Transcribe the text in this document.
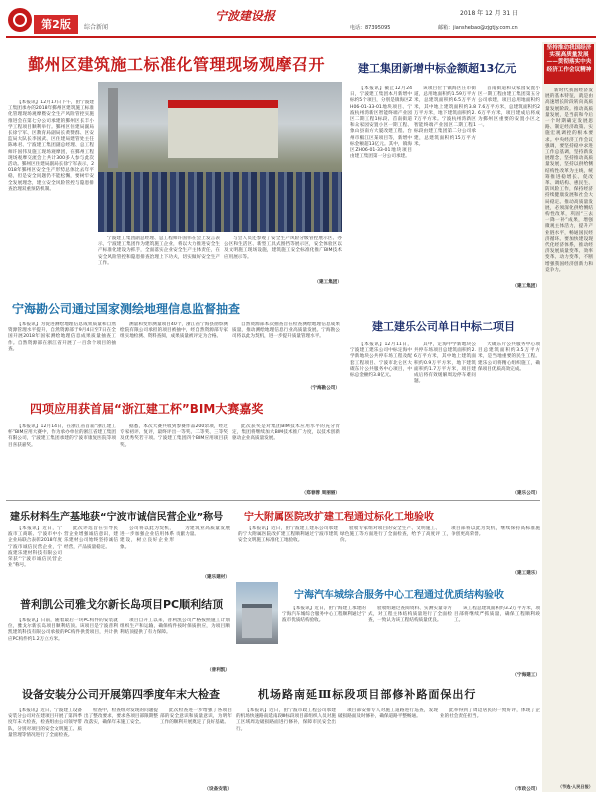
第2版	综合新闻
宁波建设报	2018 年 12 月 31 日
电话：87395095	邮箱：jianshebao@zjgtjy.com.cn
坚持推动我国经济实现高质量发展——贯彻落实中央经济工作会议精神

新时代我国经济发展的基本特征，就是由高速增长阶段转向高质量发展阶段。推动高质量发展，是当前和今后一个时期确定发展思路、制定经济政策、实施宏观调控的根本要求。中央经济工作会议强调，要坚持稳中求进工作总基调，坚持新发展理念，坚持推动高质量发展，坚持以供给侧结构性改革为主线，统筹推进稳增长、促改革、调结构、惠民生、防风险工作，保持经济持续健康发展和社会大局稳定。推动高质量发展，必须深化供给侧结构性改革，巩固“三去一降一补”成果，增强微观主体活力，提升产业链水平，畅通国民经济循环。要加快建设现代化经济体系，推动经济发展质量变革、效率变革、动力变革，不断增强我国经济创新力和竞争力。

（节选·人民日报）
鄞州区建筑施工标准化管理现场观摩召开

【本报讯】12月17日下午，由宁波建工集团承办的2018年鄞州区建筑施工标准化管理现场观摩暨安全生产风险管控实施推进会在第七分公司承建的鄞州区长丰小学工程项目顺利举行。鄞州区住建局副局长徐宁军、区教育局副局长黄赞群、区安监局大队长李国武、区住建局建管处主任陈咏君、宁波建工集团副总经理、总工程师许国伟及施工现场观摩团，在鄞州工程现场观摩交流会上共计300多人参与此次活动。鄞州区住建局副局长徐宁军表示，2018年鄞州区安全生产形势总体比去年平稳，但是安全问题仍不能松懈，要树牢安全发展理念，建立安全风险管控与隐患排查治理双重预防机制。

宁波建工集团副总经理、总工程师许国伟在会上发言表示，宁波建工集团作为建筑施工企业，将以大力推进安全生产标准化建设为抓手，全面落实企业安全生产主体责任，在安全风险管控和隐患排查治理上下功夫，切实做好安全生产工作。

与会人员还参观了安全生产风险分级管控展示区、办公区和生活区、新型工具式围挡等展示区，安全体验区以及文明施工现场设施，建筑施工安全标准化推广BIM技术应用展示等。

（建工集团）
建工集团新增中标金额超13亿元

【本报讯】截止12月24日，宁波建工集团本月新增中标约5个项目，分别是镇海区ZH06-01-33-01地块项目、宁波杭州湾新区智能终端产业园区二期工程1标段、首南街道和众家园安置小区一期工程、象山县南方大厦改建工程、台州市椒江区某项目等，新增中标金额超13亿元。其中，镇海区ZH06-01-33-01地块项目由建工集团第一分公司承建。

该项目位于镇海区庄市街道，总用地面积约1.59万平方米，总建筑面积约6.5万平方米，其中地上建筑面积约3.8万平方米，地下建筑面积约2.7万平方米。宁波杭州湾新区智能终端产业园区二期工程1标段由建工集团第二分公司承建，总建筑面积约15万平方米。

首南街道和众家园安置小区一期工程由建工集团第五分公司承建，项目总用地面积约7.6万平方米，总建筑面积约26万平方米，项目建成后将成为鄞州区重要的安置小区之一。

（建工集团）
宁海勘公司通过国家测绘地理信息监督抽查

【本报讯】为促进测绘地理信息成果质量和自然资源管理水平提升，自然资源部于9月4日至7日在全国开展2018年国家测绘地理信息成果质量抽查工作。自然资源部在浙江省开展了一百余个项目的抽查。

测量和变形测量项目40个，浙江省宁海县勘察测绘院有限公司承担的项目被抽中，经自然资源部专家组实地检测、资料查阅，成果质量被评定为合格。

自然资源部本次抽查旨在检查测绘地理信息成果质量，推动测绘地理信息行业高质量发展。宁海勘公司将以此为契机，进一步提升质量管理水平。

（宁海勘公司）
四项应用获首届“浙江建工杯”BIM大赛嘉奖

【本报讯】12月14日，在浙江省首届“浙江建工杯”BIM应用大赛中，作为承办单位的浙江省建工集团有限公司，宁波建工集团承建的宁波市康复医院等项目喜获嘉奖。

据悉，本次大赛共收到参赛作品200余项，经过专家初评、复评，最终评出一等奖、二等奖、三等奖及优秀奖若干项。宁波建工集团四个BIM应用项目获奖。

此次获奖是对集团BIM技术应用水平的充分肯定，集团将继续加大BIM技术推广力度，以技术创新驱动企业高质量发展。

（郑春蓉 周丽丽）
建工建乐公司单日中标二项目

【本报讯】12月11日，宁波建工建乐公司中标定海中学新地块公共停车场工程及配套工程项目、宁波市北仑区大碶东片公共服务中心项目，中标总金额约3.8亿元。

其中，定海中学新地块公共停车场项目总建筑面积约2.6万平方米，其中地上建筑面积约0.9万平方米，地下建筑面积约1.7万平方米，项目建成后将有效缓解周边停车难问题。

大碶东片公共服务中心项目总建筑面积约3.5万平方米，是当地重要的民生工程。建乐公司将精心组织施工，确保项目优质高效完成。

（建乐公司）
建乐材料生产基地获“宁波市诚信民营企业”称号

【本报讯】近日，宁波市工商联、宁波市中小企业局联合表彰2018年度宁波市诚信民营企业，宁波建乐建材科技有限公司荣获“宁波市诚信民营企业”称号。

此次评选旨在引导民营企业增强诚信意识，建乐建材公司始终坚持诚信经营，产品质量稳定。

公司将以此为契机，进一步加强企业信用体系建设，树立良好企业形象。

为建筑业高质量发展贡献力量。

（建乐建材）
普利凯公司雅戈尔新长岛项目PC顺利结顶

【本报讯】日前，随着最后一块PC构件的安装就位，雅戈尔新长岛项目顺利结顶。该项目是宁波普利凯建筑科技有限公司承接的PC构件供货项目，共计供应PC构件约1.2万立方米。

项目自开工以来，普利凯公司严格按照施工计划组织生产和运输，确保构件按时保质供应，为项目顺利结顶提供了有力保障。

（普利凯）
设备安装分公司开展第四季度年末大检查

【本报讯】近日，宁波建工设备安装分公司对在建项目开展了第四季度年末大检查，检查组由公司领导带队，分别对项目的安全文明施工、质量管理等情况进行了全面检查。

检查中，检查组对发现的问题提出了整改要求，要求各项目部限期整改落实，确保年末施工安全。

此次检查进一步增强了各项目部的安全意识和质量意识，为明年工作的顺利开展奠定了良好基础。

（设备安装）
宁大附属医院改扩建工程通过标化工地验收

【本报讯】近日，由宁波建工建乐公司承建的宁大附属医院改扩建工程顺利通过宁波市建筑安全文明施工标准化工地验收。

验收专家组对项目的安全生产、文明施工、绿色施工等方面进行了全面检查，给予了高度评价。

项目部将以此为契机，继续保持高标准施工，争创更高荣誉。

（建工建乐）
宁海汽车城综合服务中心工程通过优质结构验收

【本报讯】近日，由宁海建工承建的宁海汽车城综合服务中心工程顺利通过宁波市优质结构验收。

验收组通过查阅资料、实测实量等方式，对工程主体结构质量进行了全面检查，一致认为该工程结构质量优良。

该工程总建筑面积约3.2万平方米，项目部将继续严抓质量，确保工程顺利竣工。

（宁海建工）
机场路南延Ⅲ标段项目部修补路面保出行

【本报讯】近日，由宁波市政工程公司承建的机场快速路南延南段Ⅲ标段项目部组织人员对施工区域周边破损路面进行修补，保障市民安全出行。

项目部安排专人对施工道路进行巡查，发现破损路面及时修补，确保道路平整畅通。

此举得到了周边居民的一致好评，体现了企业的社会责任担当。

（市政公司）
